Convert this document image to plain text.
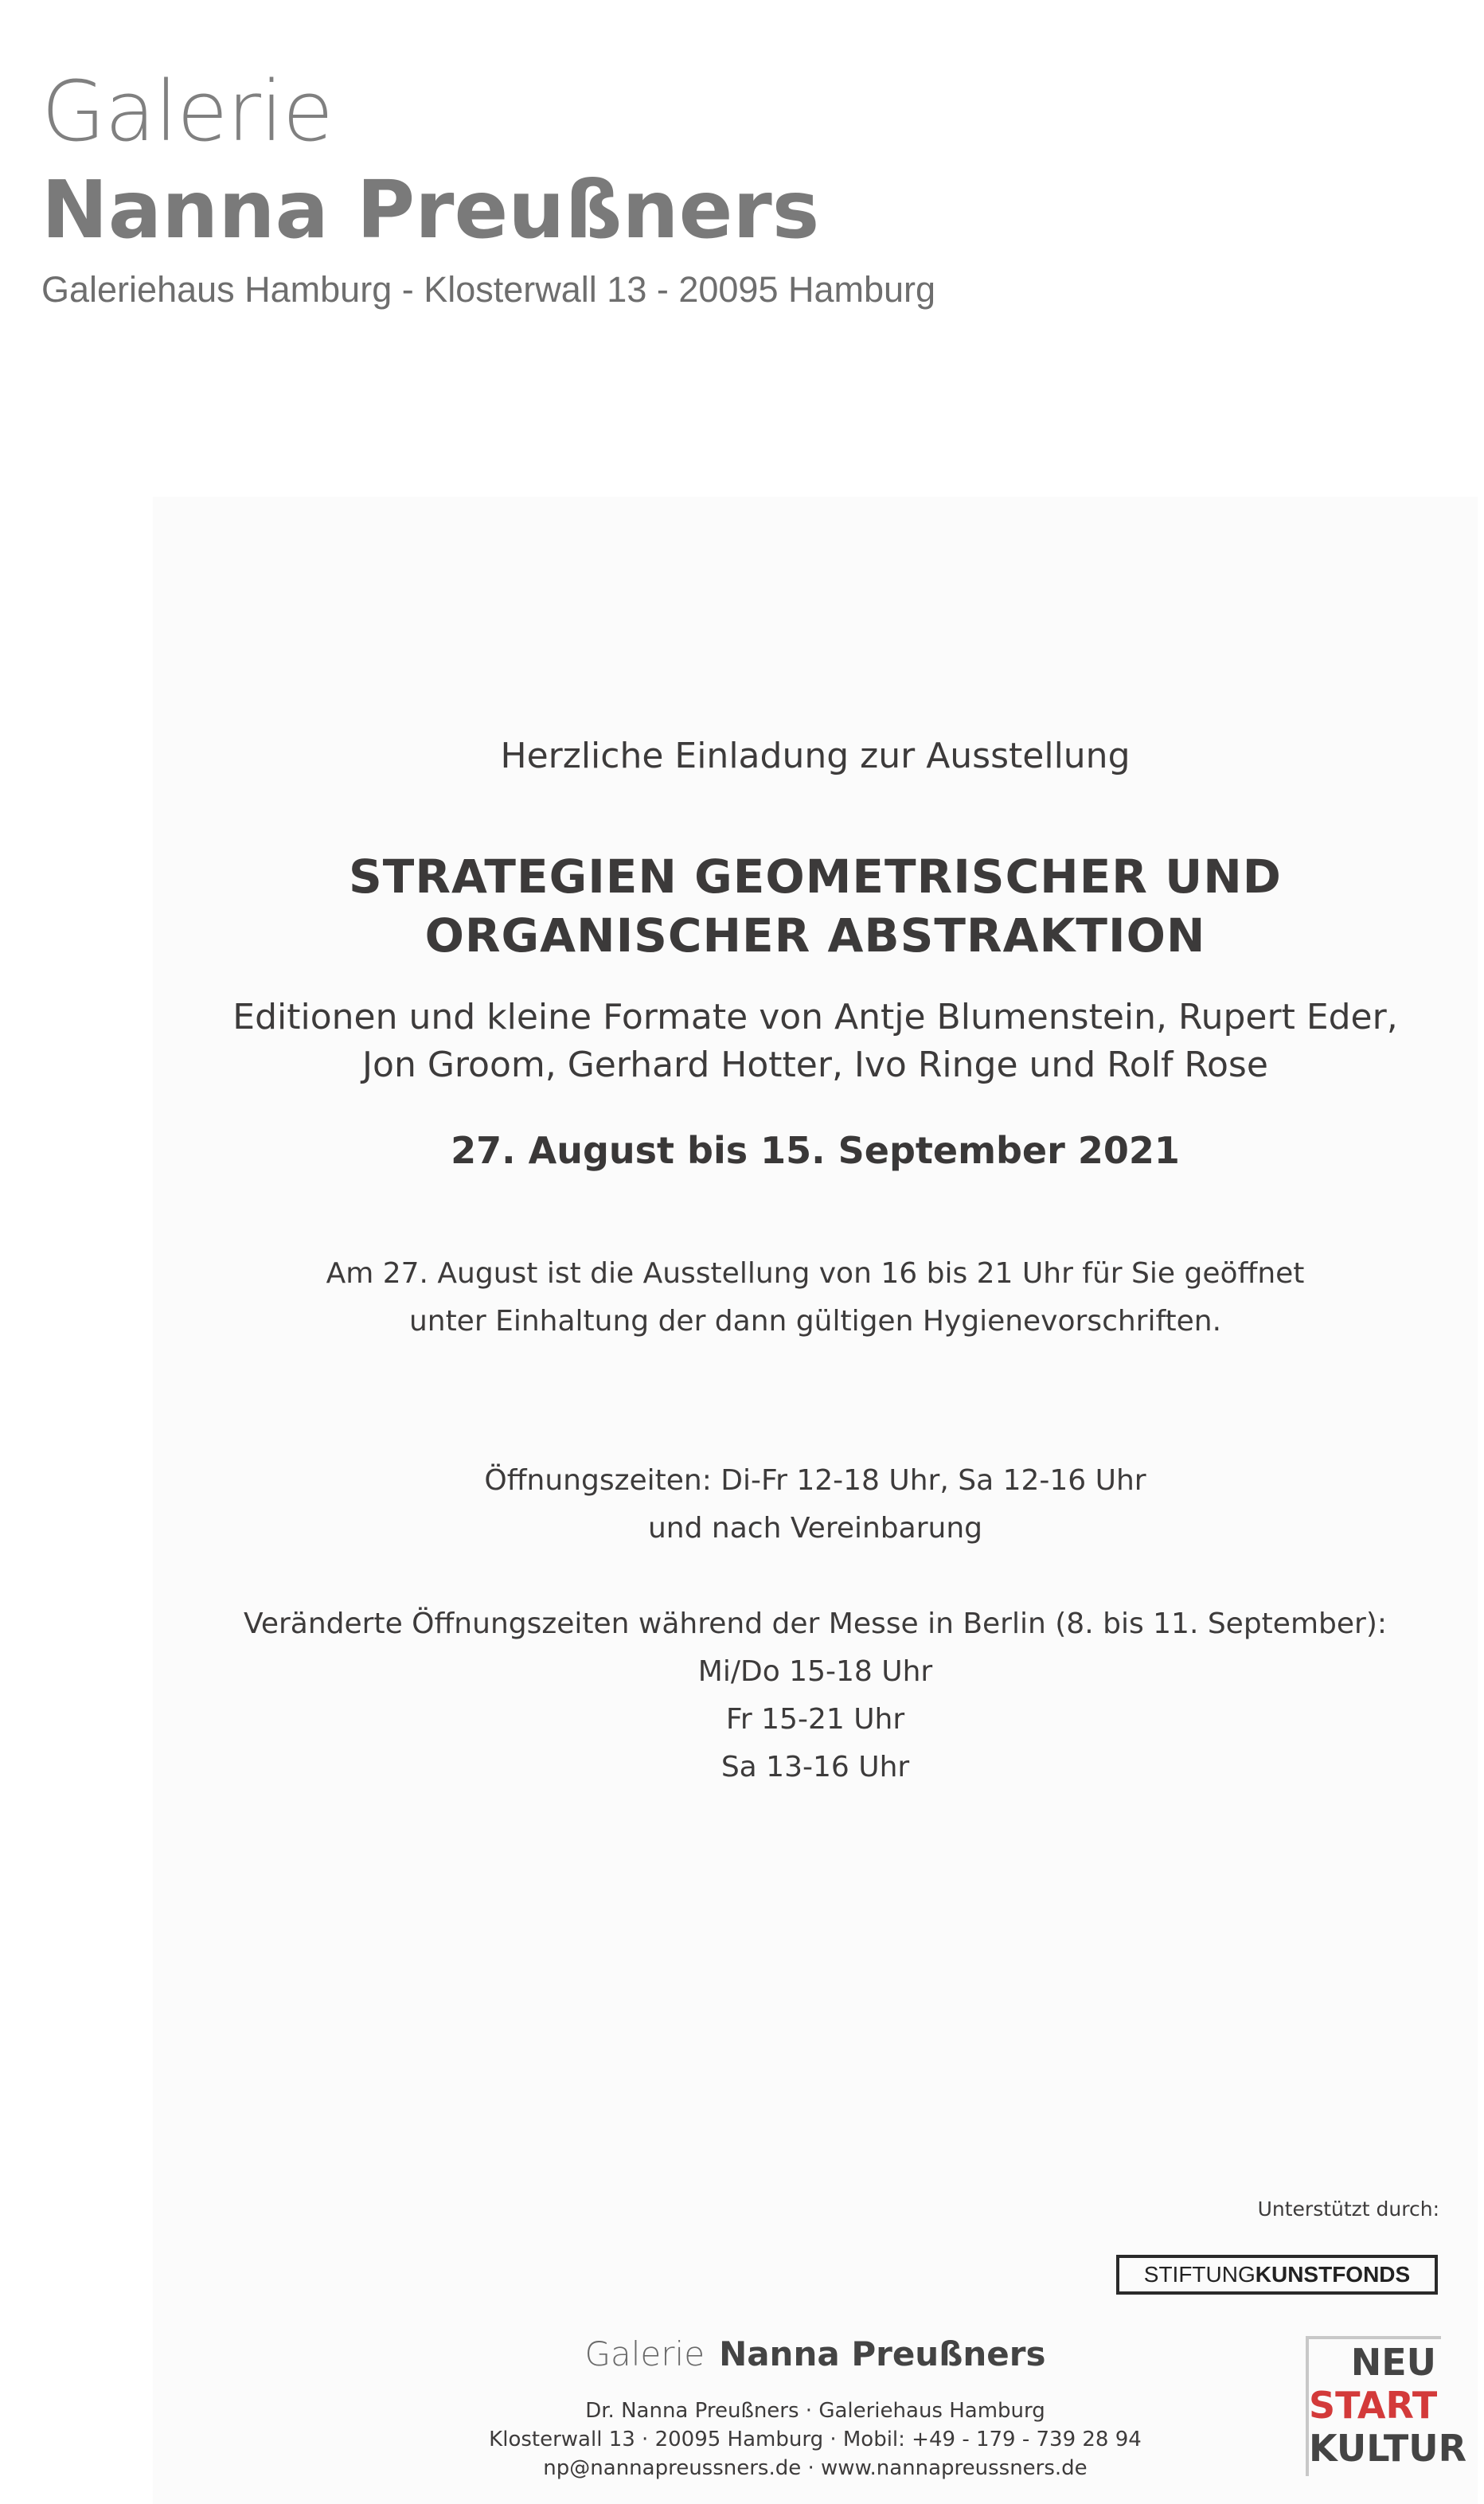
Galerie
Nanna Preußners
Galeriehaus Hamburg - Klosterwall 13 - 20095 Hamburg
Herzliche Einladung zur Ausstellung
STRATEGIEN GEOMETRISCHER UND
ORGANISCHER ABSTRAKTION
Editionen und kleine Formate von Antje Blumenstein, Rupert Eder,
Jon Groom, Gerhard Hotter, Ivo Ringe und Rolf Rose
27. August bis 15. September 2021
Am 27. August ist die Ausstellung von 16 bis 21 Uhr für Sie geöffnet
unter Einhaltung der dann gültigen Hygienevorschriften.
Öffnungszeiten: Di-Fr 12-18 Uhr, Sa 12-16 Uhr
und nach Vereinbarung
Veränderte Öffnungszeiten während der Messe in Berlin (8. bis 11. September):
Mi/Do 15-18 Uhr
Fr 15-21 Uhr
Sa 13-16 Uhr
Unterstützt durch:
STIFTUNGKUNSTFONDS
Galerie Nanna Preußners
Dr. Nanna Preußners · Galeriehaus Hamburg
Klosterwall 13 · 20095 Hamburg · Mobil: +49 - 179 - 739 28 94
np@nannapreussners.de · www.nannapreussners.de
NEU
START
KULTUR
